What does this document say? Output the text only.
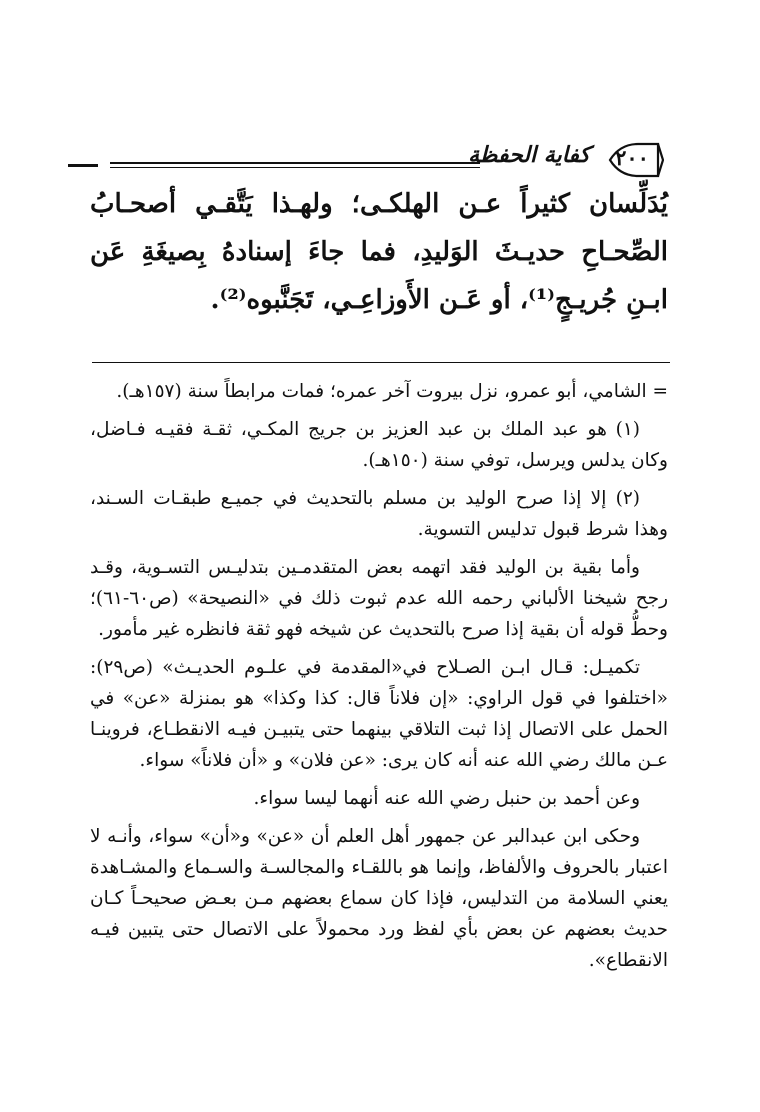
كفاية الحفظة	٢٠٠

يُدَلِّسان كثيراً عـن الهلكـى؛ ولهـذا يَتَّقـي أصحـابُ الصِّحـاحِ حديـثَ الوَليدِ، فما جاءَ إسنادهُ بِصيغَةِ عَن ابـنِ جُريـجٍ⁽¹⁾، أو عَـن الأَوزاعِـي، تَجَنَّبوه⁽²⁾.

= الشامي، أبو عمرو، نزل بيروت آخر عمره؛ فمات مرابطاً سنة (١٥٧هـ).

(١) هو عبد الملك بن عبد العزيز بن جريج المكـي، ثقـة فقيـه فـاضل، وكان يدلس ويرسل، توفي سنة (١٥٠هـ).

(٢) إلا إذا صرح الوليد بن مسلم بالتحديث في جميـع طبقـات السـند، وهذا شرط قبول تدليس التسوية.

وأما بقية بن الوليد فقد اتهمه بعض المتقدمـين بتدليـس التسـوية، وقـد رجح شيخنا الألباني رحمه الله عدم ثبوت ذلك في «النصيحة» (ص٦٠-٦١)؛ وحطُّ قوله أن بقية إذا صرح بالتحديث عن شيخه فهو ثقة فانظره غير مأمور.

تكميـل: قـال ابـن الصـلاح في«المقدمة في علـوم الحديـث» (ص٢٩): «اختلفوا في قول الراوي: «إن فلاناً قال: كذا وكذا» هو بمنزلة «عن» في الحمل على الاتصال إذا ثبت التلاقي بينهما حتى يتبيـن فيـه الانقطـاع، فروينـا عـن مالك رضي الله عنه أنه كان يرى: «عن فلان» و «أن فلاناً» سواء.

وعن أحمد بن حنبل رضي الله عنه أنهما ليسا سواء.

وحكى ابن عبدالبر عن جمهور أهل العلم أن «عن» و«أن» سواء، وأنـه لا اعتبار بالحروف والألفاظ، وإنما هو باللقـاء والمجالسـة والسـماع والمشـاهدة يعني السلامة من التدليس، فإذا كان سماع بعضهم مـن بعـض صحيحـاً كـان حديث بعضهم عن بعض بأي لفظ ورد محمولاً على الاتصال حتى يتبين فيـه الانقطاع».
